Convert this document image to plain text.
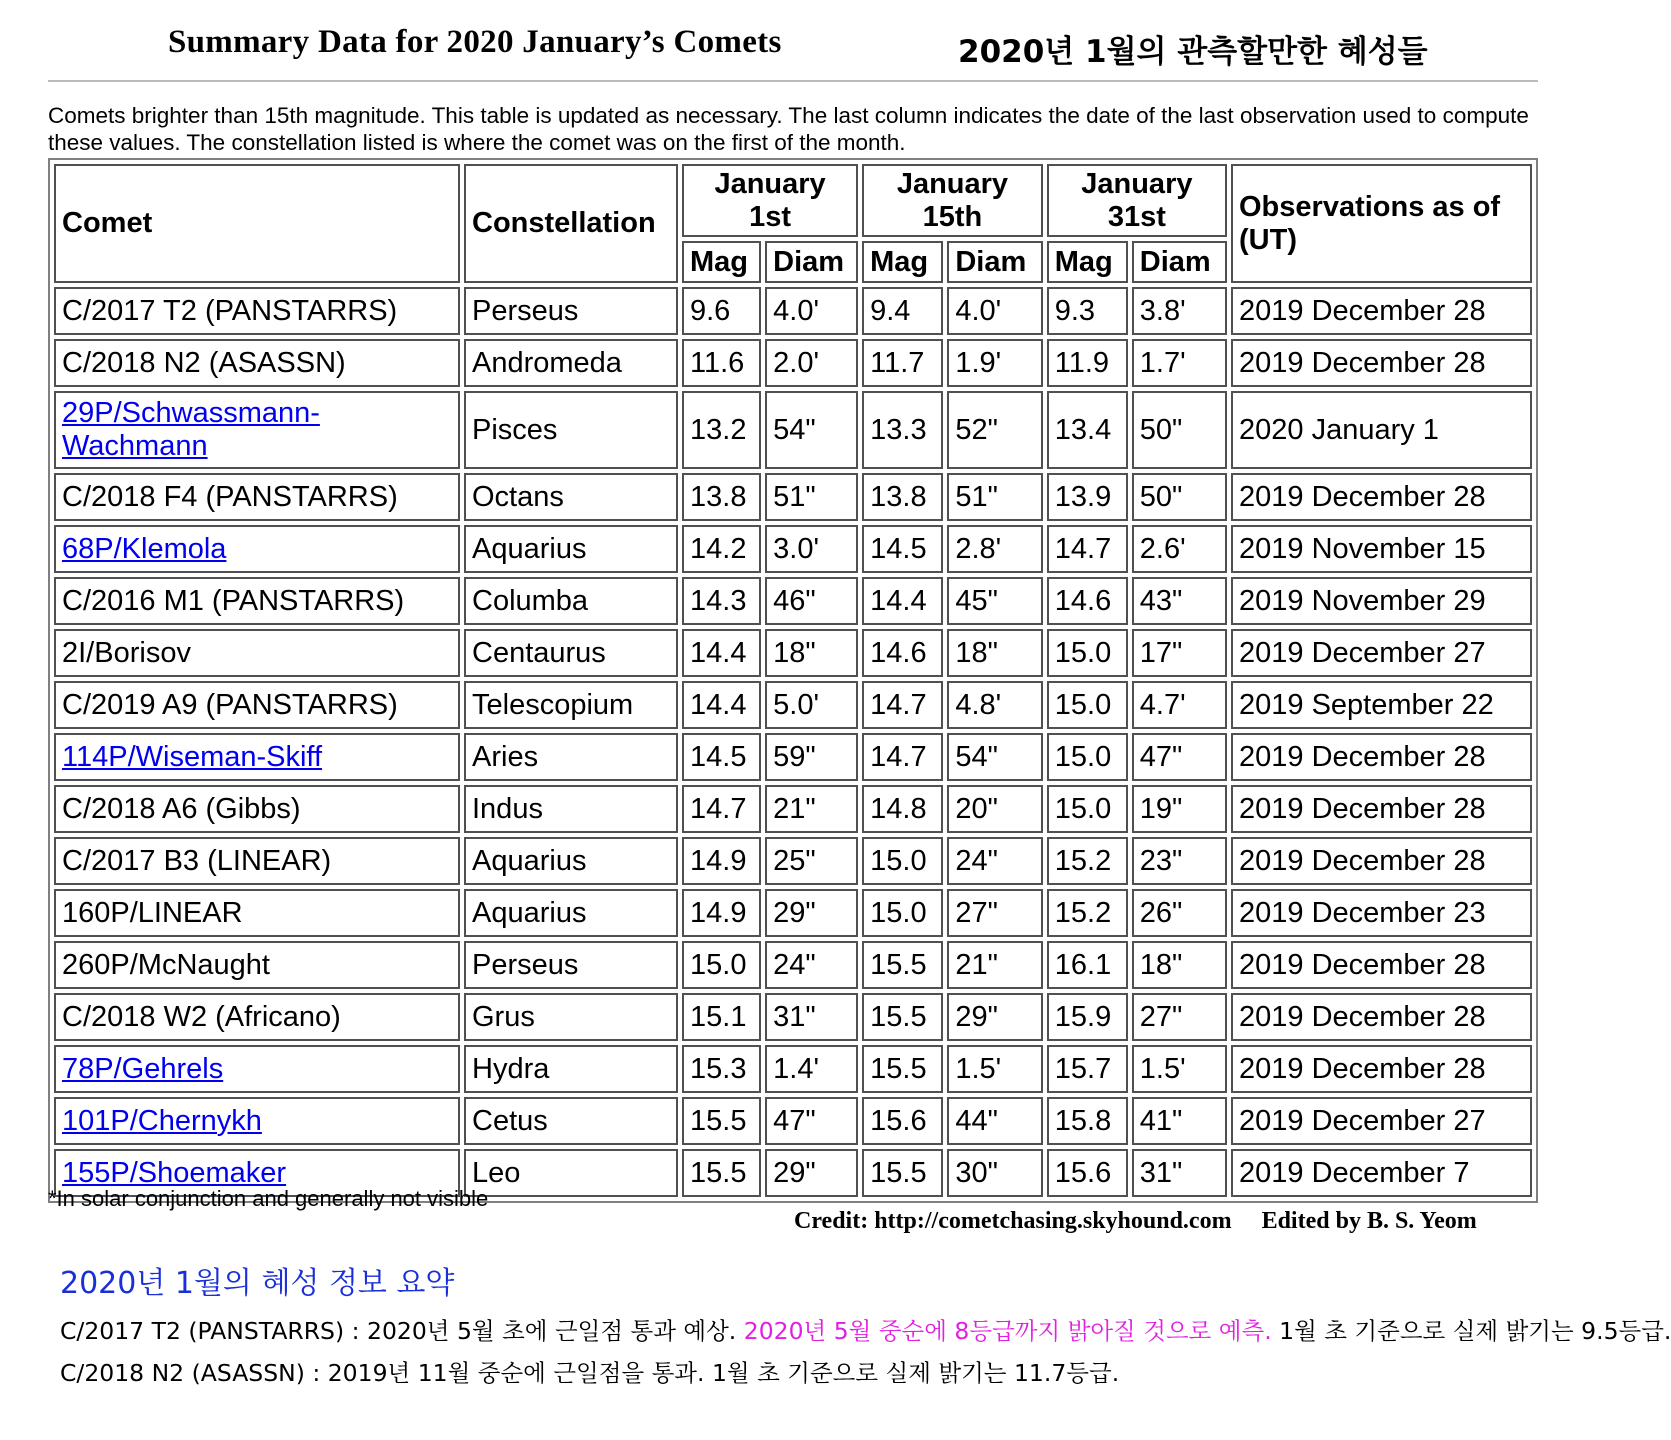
Summary Data for 2020 January’s Comets	2020년 1월의 관측할만한 혜성들
Comets brighter than 15th magnitude. This table is updated as necessary. The last column indicates the date of the last observation used to compute these values. The constellation listed is where the comet was on the first of the month.
Comet	Constellation	January 1st		January 15th		January 31st		Observations as of (UT)
		Mag	Diam	Mag	Diam	Mag	Diam	
C/2017 T2 (PANSTARRS)	Perseus	9.6	4.0'	9.4	4.0'	9.3	3.8'	2019 December 28
C/2018 N2 (ASASSN)	Andromeda	11.6	2.0'	11.7	1.9'	11.9	1.7'	2019 December 28
29P/Schwassmann-Wachmann	Pisces	13.2	54"	13.3	52"	13.4	50"	2020 January 1
C/2018 F4 (PANSTARRS)	Octans	13.8	51"	13.8	51"	13.9	50"	2019 December 28
68P/Klemola	Aquarius	14.2	3.0'	14.5	2.8'	14.7	2.6'	2019 November 15
C/2016 M1 (PANSTARRS)	Columba	14.3	46"	14.4	45"	14.6	43"	2019 November 29
2I/Borisov	Centaurus	14.4	18"	14.6	18"	15.0	17"	2019 December 27
C/2019 A9 (PANSTARRS)	Telescopium	14.4	5.0'	14.7	4.8'	15.0	4.7'	2019 September 22
114P/Wiseman-Skiff	Aries	14.5	59"	14.7	54"	15.0	47"	2019 December 28
C/2018 A6 (Gibbs)	Indus	14.7	21"	14.8	20"	15.0	19"	2019 December 28
C/2017 B3 (LINEAR)	Aquarius	14.9	25"	15.0	24"	15.2	23"	2019 December 28
160P/LINEAR	Aquarius	14.9	29"	15.0	27"	15.2	26"	2019 December 23
260P/McNaught	Perseus	15.0	24"	15.5	21"	16.1	18"	2019 December 28
C/2018 W2 (Africano)	Grus	15.1	31"	15.5	29"	15.9	27"	2019 December 28
78P/Gehrels	Hydra	15.3	1.4'	15.5	1.5'	15.7	1.5'	2019 December 28
101P/Chernykh	Cetus	15.5	47"	15.6	44"	15.8	41"	2019 December 27
155P/Shoemaker	Leo	15.5	29"	15.5	30"	15.6	31"	2019 December 7
*In solar conjunction and generally not visible
Credit: http://cometchasing.skyhound.com Edited by B. S. Yeom
2020년 1월의 혜성 정보 요약
C/2017 T2 (PANSTARRS) : 2020년 5월 초에 근일점 통과 예상. 2020년 5월 중순에 8등급까지 밝아질 것으로 예측. 1월 초 기준으로 실제 밝기는 9.5등급.
C/2018 N2 (ASASSN) : 2019년 11월 중순에 근일점을 통과. 1월 초 기준으로 실제 밝기는 11.7등급.
